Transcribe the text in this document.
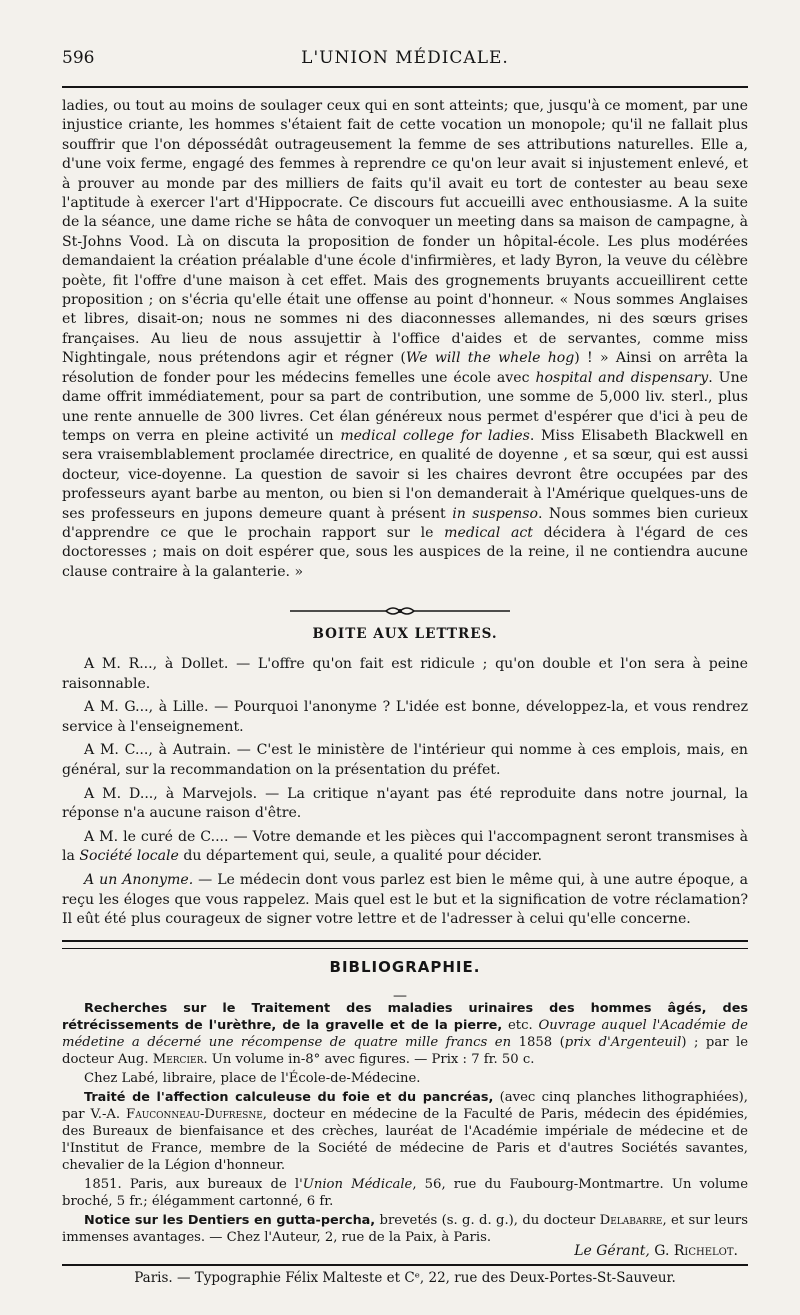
596	L'UNION MÉDICALE.

ladies, ou tout au moins de soulager ceux qui en sont atteints; que, jusqu'à ce moment, par une injustice criante, les hommes s'étaient fait de cette vocation un monopole; qu'il ne fallait plus souffrir que l'on dépossédât outrageusement la femme de ses attributions naturelles. Elle a, d'une voix ferme, engagé des femmes à reprendre ce qu'on leur avait si injustement enlevé, et à prouver au monde par des milliers de faits qu'il avait eu tort de contester au beau sexe l'aptitude à exercer l'art d'Hippocrate. Ce discours fut accueilli avec enthousiasme. A la suite de la séance, une dame riche se hâta de convoquer un meeting dans sa maison de campagne, à St-Johns Vood. Là on discuta la proposition de fonder un hôpital-école. Les plus modérées demandaient la création préalable d'une école d'infirmières, et lady Byron, la veuve du célèbre poète, fit l'offre d'une maison à cet effet. Mais des grognements bruyants accueillirent cette proposition ; on s'écria qu'elle était une offense au point d'honneur. « Nous sommes Anglaises et libres, disait-on; nous ne sommes ni des diaconnesses allemandes, ni des sœurs grises françaises. Au lieu de nous assujettir à l'office d'aides et de servantes, comme miss Nightingale, nous prétendons agir et régner (We will the whele hog) ! » Ainsi on arrêta la résolution de fonder pour les médecins femelles une école avec hospital and dispensary. Une dame offrit immédiatement, pour sa part de contribution, une somme de 5,000 liv. sterl., plus une rente annuelle de 300 livres. Cet élan généreux nous permet d'espérer que d'ici à peu de temps on verra en pleine activité un medical college for ladies. Miss Elisabeth Blackwell en sera vraisemblablement proclamée directrice, en qualité de doyenne , et sa sœur, qui est aussi docteur, vice-doyenne. La question de savoir si les chaires devront être occupées par des professeurs ayant barbe au menton, ou bien si l'on demanderait à l'Amérique quelques-uns de ses professeurs en jupons demeure quant à présent in suspenso. Nous sommes bien curieux d'apprendre ce que le prochain rapport sur le medical act décidera à l'égard de ces doctoresses ; mais on doit espérer que, sous les auspices de la reine, il ne contiendra aucune clause contraire à la galanterie. »

BOITE AUX LETTRES.

A M. R..., à Dollet. — L'offre qu'on fait est ridicule ; qu'on double et l'on sera à peine raisonnable.

A M. G..., à Lille. — Pourquoi l'anonyme ? L'idée est bonne, développez-la, et vous rendrez service à l'enseignement.

A M. C..., à Autrain. — C'est le ministère de l'intérieur qui nomme à ces emplois, mais, en général, sur la recommandation on la présentation du préfet.

A M. D..., à Marvejols. — La critique n'ayant pas été reproduite dans notre journal, la réponse n'a aucune raison d'être.

A M. le curé de C.... — Votre demande et les pièces qui l'accompagnent seront transmises à la Société locale du département qui, seule, a qualité pour décider.

A un Anonyme. — Le médecin dont vous parlez est bien le même qui, à une autre époque, a reçu les éloges que vous rappelez. Mais quel est le but et la signification de votre réclamation? Il eût été plus courageux de signer votre lettre et de l'adresser à celui qu'elle concerne.

BIBLIOGRAPHIE.
—

Recherches sur le Traitement des maladies urinaires des hommes âgés, des rétrécissements de l'urèthre, de la gravelle et de la pierre, etc. Ouvrage auquel l'Académie de médetine a décerné une récompense de quatre mille francs en 1858 (prix d'Argenteuil) ; par le docteur Aug. Mercier. Un volume in-8° avec figures. — Prix : 7 fr. 50 c.

Chez Labé, libraire, place de l'École-de-Médecine.

Traité de l'affection calculeuse du foie et du pancréas, (avec cinq planches lithographiées), par V.-A. Fauconneau-Dufresne, docteur en médecine de la Faculté de Paris, médecin des épidémies, des Bureaux de bienfaisance et des crèches, lauréat de l'Académie impériale de médecine et de l'Institut de France, membre de la Société de médecine de Paris et d'autres Sociétés savantes, chevalier de la Légion d'honneur.

1851. Paris, aux bureaux de l'Union Médicale, 56, rue du Faubourg-Montmartre. Un volume broché, 5 fr.; élégamment cartonné, 6 fr.

Notice sur les Dentiers en gutta-percha, brevetés (s. g. d. g.), du docteur Delabarre, et sur leurs immenses avantages. — Chez l'Auteur, 2, rue de la Paix, à Paris.

Le Gérant, G. Richelot.
Paris. — Typographie Félix Malteste et Cᵉ, 22, rue des Deux-Portes-St-Sauveur.
